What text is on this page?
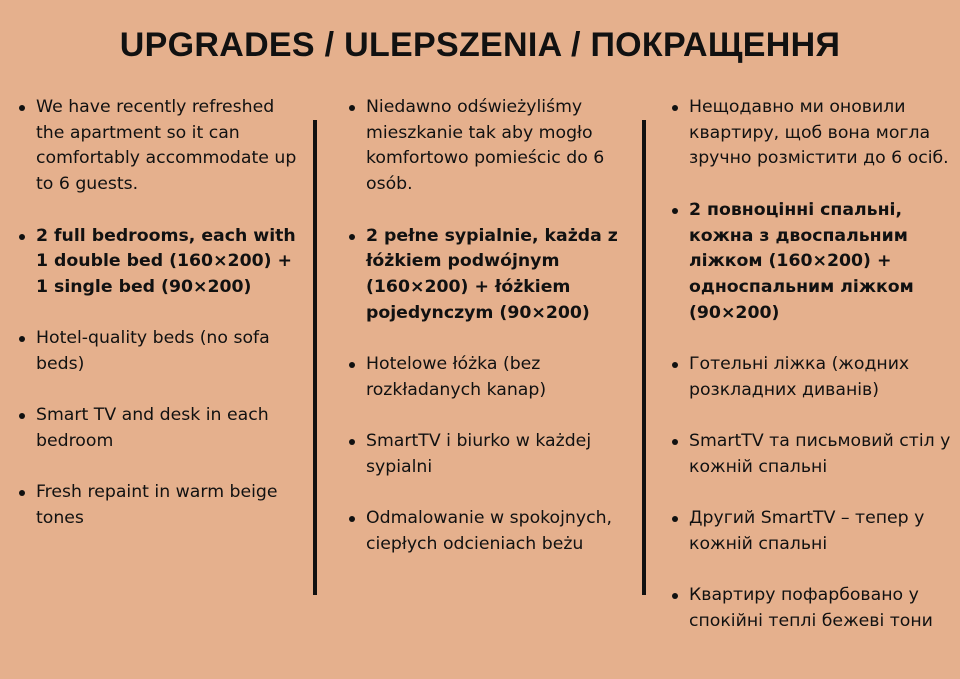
UPGRADES / ULEPSZENIA / ПОКРАЩЕННЯ
We have recently refreshed the apartment so it can comfortably accommodate up to 6 guests.
2 full bedrooms, each with 1 double bed (160×200) + 1 single bed (90×200)
Hotel-quality beds (no sofa beds)
Smart TV and desk in each bedroom
Fresh repaint in warm beige tones
Niedawno odświeżyliśmy mieszkanie tak aby mogło komfortowo pomieścic do 6 osób.
2 pełne sypialnie, każda z łóżkiem podwójnym (160×200) + łóżkiem pojedynczym (90×200)
Hotelowe łóżka (bez rozkładanych kanap)
SmartTV i biurko w każdej sypialni
Odmalowanie w spokojnych, ciepłych odcieniach beżu
Нещодавно ми оновили квартиру, щоб вона могла зручно розмістити до 6 осіб.
2 повноцінні спальні, кожна з двоспальним ліжком (160×200) + односпальним ліжком (90×200)
Готельні ліжка (жодних розкладних диванів)
SmartTV та письмовий стіл у кожній спальні
Другий SmartTV – тепер у кожній спальні
Квартиру пофарбовано у спокійні теплі бежеві тони
